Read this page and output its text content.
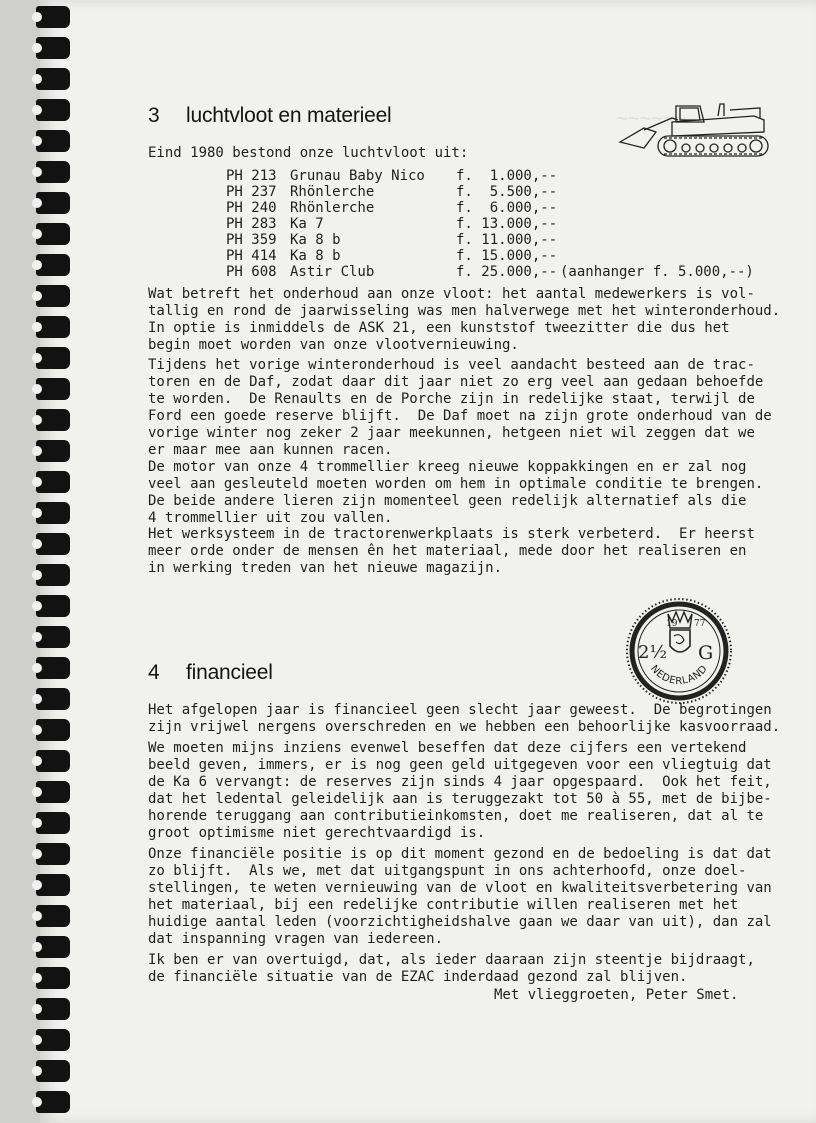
~~~~~~
3 luchtvloot en materieel
Eind 1980 bestond onze luchtvloot uit:
PH 213 Grunau Baby Nico f.  1.000,--
PH 237 Rhönlerche	f.  5.500,--
PH 240 Rhönlerche	f.  6.000,--
PH 283 Ka 7	f. 13.000,--
PH 359 Ka 8 b	f. 11.000,--
PH 414 Ka 8 b	f. 15.000,--
PH 608 Astir Club	f. 25.000,-- (aanhanger f. 5.000,--)
Wat betreft het onderhoud aan onze vloot: het aantal medewerkers is vol-
tallig en rond de jaarwisseling was men halverwege met het winteronderhoud.
In optie is inmiddels de ASK 21, een kunststof tweezitter die dus het
begin moet worden van onze vlootvernieuwing.
Tijdens het vorige winteronderhoud is veel aandacht besteed aan de trac-
toren en de Daf, zodat daar dit jaar niet zo erg veel aan gedaan behoefde
te worden.  De Renaults en de Porche zijn in redelijke staat, terwijl de
Ford een goede reserve blijft.  De Daf moet na zijn grote onderhoud van de
vorige winter nog zeker 2 jaar meekunnen, hetgeen niet wil zeggen dat we
er maar mee aan kunnen racen.
De motor van onze 4 trommellier kreeg nieuwe koppakkingen en er zal nog
veel aan gesleuteld moeten worden om hem in optimale conditie te brengen.
De beide andere lieren zijn momenteel geen redelijk alternatief als die
4 trommellier uit zou vallen.
Het werksysteem in de tractorenwerkplaats is sterk verbeterd.  Er heerst
meer orde onder de mensen ên het materiaal, mede door het realiseren en
in werking treden van het nieuwe magazijn.
19 77
2½ G
NEDERLAND
4 financieel
Het afgelopen jaar is financieel geen slecht jaar geweest.  De begrotingen
zijn vrijwel nergens overschreden en we hebben een behoorlijke kasvoorraad.
We moeten mijns inziens evenwel beseffen dat deze cijfers een vertekend
beeld geven, immers, er is nog geen geld uitgegeven voor een vliegtuig dat
de Ka 6 vervangt: de reserves zijn sinds 4 jaar opgespaard.  Ook het feit,
dat het ledental geleidelijk aan is teruggezakt tot 50 à 55, met de bijbe-
horende teruggang aan contributieinkomsten, doet me realiseren, dat al te
groot optimisme niet gerechtvaardigd is.
Onze financiële positie is op dit moment gezond en de bedoeling is dat dat
zo blijft.  Als we, met dat uitgangspunt in ons achterhoofd, onze doel-
stellingen, te weten vernieuwing van de vloot en kwaliteitsverbetering van
het materiaal, bij een redelijke contributie willen realiseren met het
huidige aantal leden (voorzichtigheidshalve gaan we daar van uit), dan zal
dat inspanning vragen van iedereen.
Ik ben er van overtuigd, dat, als ieder daaraan zijn steentje bijdraagt,
de financiële situatie van de EZAC inderdaad gezond zal blijven.
Met vlieggroeten, Peter Smet.
